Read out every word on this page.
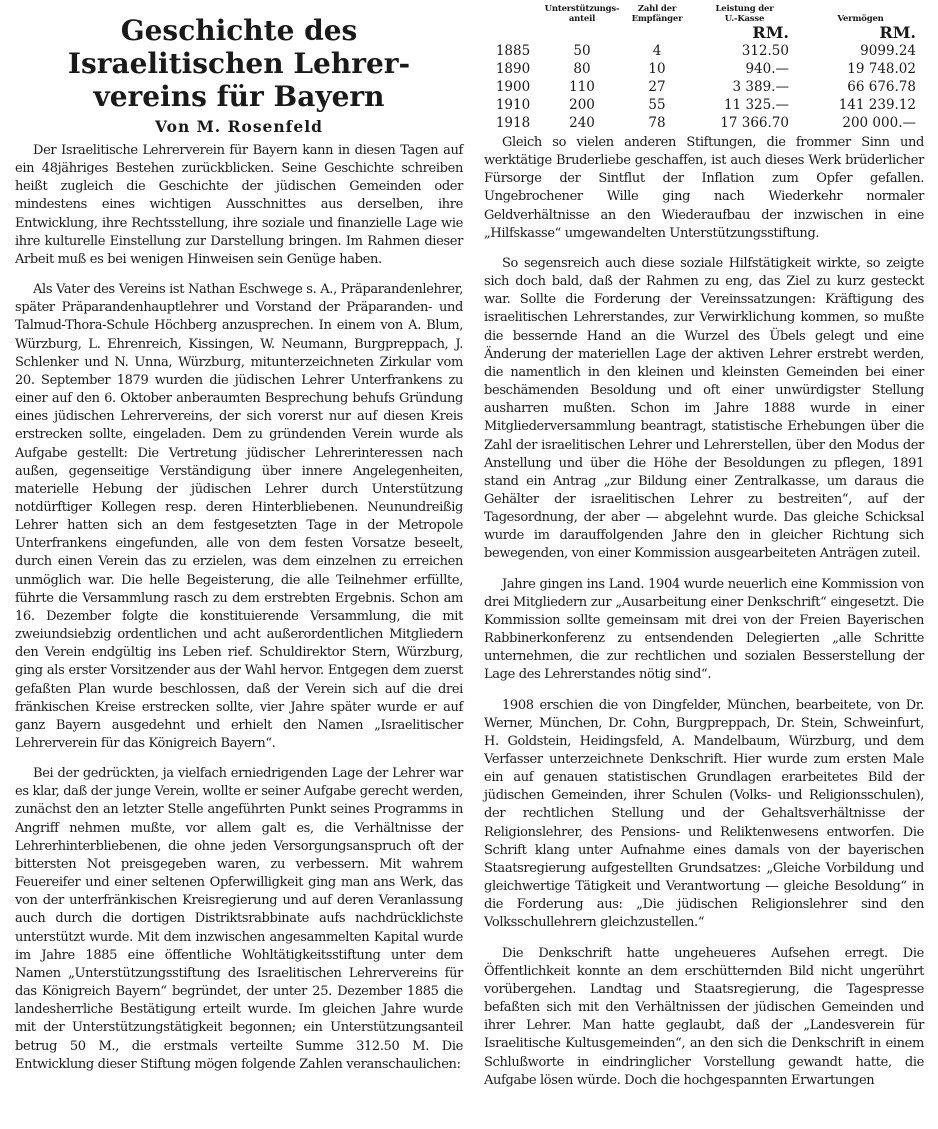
Geschichte des Israelitischen Lehrer-
vereins für Bayern
Von M. Rosenfeld

Der Israelitische Lehrerverein für Bayern kann in diesen Tagen auf ein 48jähriges Bestehen zurückblicken. Seine Geschichte schreiben heißt zugleich die Geschichte der jüdischen Gemeinden oder mindestens eines wichtigen Ausschnittes aus derselben, ihre Entwicklung, ihre Rechtsstellung, ihre soziale und finanzielle Lage wie ihre kulturelle Einstellung zur Darstellung bringen. Im Rahmen dieser Arbeit muß es bei wenigen Hinweisen sein Genüge haben.

Als Vater des Vereins ist Nathan Eschwege s. A., Präparandenlehrer, später Präparandenhauptlehrer und Vorstand der Präparanden- und Talmud-Thora-Schule Höchberg anzusprechen. In einem von A. Blum, Würzburg, L. Ehrenreich, Kissingen, W. Neumann, Burgpreppach, J. Schlenker und N. Unna, Würzburg, mitunterzeichneten Zirkular vom 20. September 1879 wurden die jüdischen Lehrer Unterfrankens zu einer auf den 6. Oktober anberaumten Besprechung behufs Gründung eines jüdischen Lehrervereins, der sich vorerst nur auf diesen Kreis erstrecken sollte, eingeladen. Dem zu gründenden Verein wurde als Aufgabe gestellt: Die Vertretung jüdischer Lehrerinteressen nach außen, gegenseitige Verständigung über innere Angelegenheiten, materielle Hebung der jüdischen Lehrer durch Unterstützung notdürftiger Kollegen resp. deren Hinterbliebenen. Neunundreißig Lehrer hatten sich an dem festgesetzten Tage in der Metropole Unterfrankens eingefunden, alle von dem festen Vorsatze beseelt, durch einen Verein das zu erzielen, was dem einzelnen zu erreichen unmöglich war. Die helle Begeisterung, die alle Teilnehmer erfüllte, führte die Versammlung rasch zu dem erstrebten Ergebnis. Schon am 16. Dezember folgte die konstituierende Versammlung, die mit zweiundsiebzig ordentlichen und acht außerordentlichen Mitgliedern den Verein endgültig ins Leben rief. Schuldirektor Stern, Würzburg, ging als erster Vorsitzender aus der Wahl hervor. Entgegen dem zuerst gefaßten Plan wurde beschlossen, daß der Verein sich auf die drei fränkischen Kreise erstrecken sollte, vier Jahre später wurde er auf ganz Bayern ausgedehnt und erhielt den Namen „Israelitischer Lehrerverein für das Königreich Bayern“.

Bei der gedrückten, ja vielfach erniedrigenden Lage der Lehrer war es klar, daß der junge Verein, wollte er seiner Aufgabe gerecht werden, zunächst den an letzter Stelle angeführten Punkt seines Programms in Angriff nehmen mußte, vor allem galt es, die Verhältnisse der Lehrerhinterbliebenen, die ohne jeden Versorgungsanspruch oft der bittersten Not preisgegeben waren, zu verbessern. Mit wahrem Feuereifer und einer seltenen Opferwilligkeit ging man ans Werk, das von der unterfränkischen Kreisregierung und auf deren Veranlassung auch durch die dortigen Distriktsrabbinate aufs nachdrücklichste unterstützt wurde. Mit dem inzwischen angesammelten Kapital wurde im Jahre 1885 eine öffentliche Wohltätigkeitsstiftung unter dem Namen „Unterstützungsstiftung des Israelitischen Lehrervereins für das Königreich Bayern“ begründet, der unter 25. Dezember 1885 die landesherrliche Bestätigung erteilt wurde. Im gleichen Jahre wurde mit der Unterstützungstätigkeit begonnen; ein Unterstützungsanteil betrug 50 M., die erstmals verteilte Summe 312.50 M. Die Entwicklung dieser Stiftung mögen folgende Zahlen veranschaulichen:

	Unterstützungs-
anteil	Zahl der
Empfänger	Leistung der
U.-Kasse	Vermögen
			RM.	RM.
1885	50	4	312.50	9099.24
1890	80	10	940.—	19 748.02
1900	110	27	3 389.—	66 676.78
1910	200	55	11 325.—	141 239.12
1918	240	78	17 366.70	200 000.—

Gleich so vielen anderen Stiftungen, die frommer Sinn und werktätige Bruderliebe geschaffen, ist auch dieses Werk brüderlicher Fürsorge der Sintflut der Inflation zum Opfer gefallen. Ungebrochener Wille ging nach Wiederkehr normaler Geldverhältnisse an den Wiederaufbau der inzwischen in eine „Hilfskasse“ umgewandelten Unterstützungsstiftung.

So segensreich auch diese soziale Hilfstätigkeit wirkte, so zeigte sich doch bald, daß der Rahmen zu eng, das Ziel zu kurz gesteckt war. Sollte die Forderung der Vereinssatzungen: Kräftigung des israelitischen Lehrerstandes, zur Verwirklichung kommen, so mußte die bessernde Hand an die Wurzel des Übels gelegt und eine Änderung der materiellen Lage der aktiven Lehrer erstrebt werden, die namentlich in den kleinen und kleinsten Gemeinden bei einer beschämenden Besoldung und oft einer unwürdigster Stellung ausharren mußten. Schon im Jahre 1888 wurde in einer Mitgliederversammlung beantragt, statistische Erhebungen über die Zahl der israelitischen Lehrer und Lehrerstellen, über den Modus der Anstellung und über die Höhe der Besoldungen zu pflegen, 1891 stand ein Antrag „zur Bildung einer Zentralkasse, um daraus die Gehälter der israelitischen Lehrer zu bestreiten“, auf der Tagesordnung, der aber — abgelehnt wurde. Das gleiche Schicksal wurde im darauffolgenden Jahre den in gleicher Richtung sich bewegenden, von einer Kommission ausgearbeiteten Anträgen zuteil.

Jahre gingen ins Land. 1904 wurde neuerlich eine Kommission von drei Mitgliedern zur „Ausarbeitung einer Denkschrift“ eingesetzt. Die Kommission sollte gemeinsam mit drei von der Freien Bayerischen Rabbinerkonferenz zu entsendenden Delegierten „alle Schritte unternehmen, die zur rechtlichen und sozialen Besserstellung der Lage des Lehrerstandes nötig sind“.

1908 erschien die von Dingfelder, München, bearbeitete, von Dr. Werner, München, Dr. Cohn, Burgpreppach, Dr. Stein, Schweinfurt, H. Goldstein, Heidingsfeld, A. Mandelbaum, Würzburg, und dem Verfasser unterzeichnete Denkschrift. Hier wurde zum ersten Male ein auf genauen statistischen Grundlagen erarbeitetes Bild der jüdischen Gemeinden, ihrer Schulen (Volks- und Religionsschulen), der rechtlichen Stellung und der Gehaltsverhältnisse der Religionslehrer, des Pensions- und Reliktenwesens entworfen. Die Schrift klang unter Aufnahme eines damals von der bayerischen Staatsregierung aufgestellten Grundsatzes: „Gleiche Vorbildung und gleichwertige Tätigkeit und Verantwortung — gleiche Besoldung“ in die Forderung aus: „Die jüdischen Religionslehrer sind den Volksschullehrern gleichzustellen.“

Die Denkschrift hatte ungeheueres Aufsehen erregt. Die Öffentlichkeit konnte an dem erschütternden Bild nicht ungerührt vorübergehen. Landtag und Staatsregierung, die Tagespresse befaßten sich mit den Verhältnissen der jüdischen Gemeinden und ihrer Lehrer. Man hatte geglaubt, daß der „Landesverein für Israelitische Kultusgemeinden“, an den sich die Denkschrift in einem Schlußworte in eindringlicher Vorstellung gewandt hatte, die Aufgabe lösen würde. Doch die hochgespannten Erwartungen
